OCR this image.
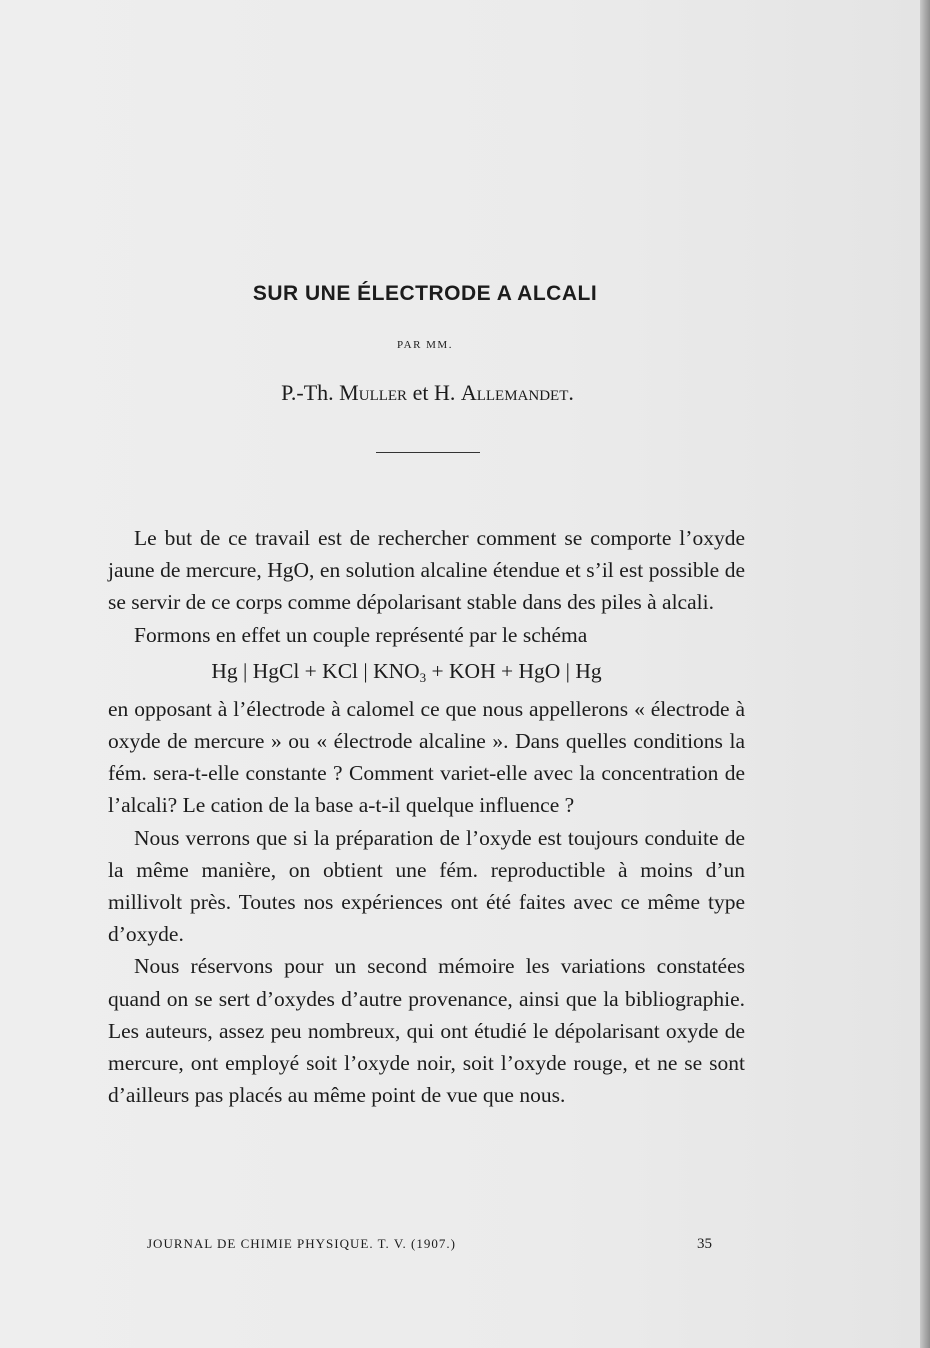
SUR UNE ÉLECTRODE A ALCALI
PAR MM.
P.-Th. Muller et H. Allemandet.

Le but de ce travail est de rechercher comment se comporte l’oxyde jaune de mercure, HgO, en solution alcaline étendue et s’il est possible de se servir de ce corps comme dépolarisant stable dans des piles à alcali.

Formons en effet un couple représenté par le schéma

Hg | HgCl + KCl | $KNO_3$ + KOH + HgO | Hg

en opposant à l’électrode à calomel ce que nous appellerons « électrode à oxyde de mercure » ou « électrode alcaline ». Dans quelles conditions la fém. sera-t-elle constante ? Comment variet-elle avec la concentration de l’alcali? Le cation de la base a-t-il quelque influence ?

Nous verrons que si la préparation de l’oxyde est toujours conduite de la même manière, on obtient une fém. reproductible à moins d’un millivolt près. Toutes nos expériences ont été faites avec ce même type d’oxyde.

Nous réservons pour un second mémoire les variations constatées quand on se sert d’oxydes d’autre provenance, ainsi que la bibliographie. Les auteurs, assez peu nombreux, qui ont étudié le dépolarisant oxyde de mercure, ont employé soit l’oxyde noir, soit l’oxyde rouge, et ne se sont d’ailleurs pas placés au même point de vue que nous.

JOURNAL DE CHIMIE PHYSIQUE. T. V. (1907.)	35
